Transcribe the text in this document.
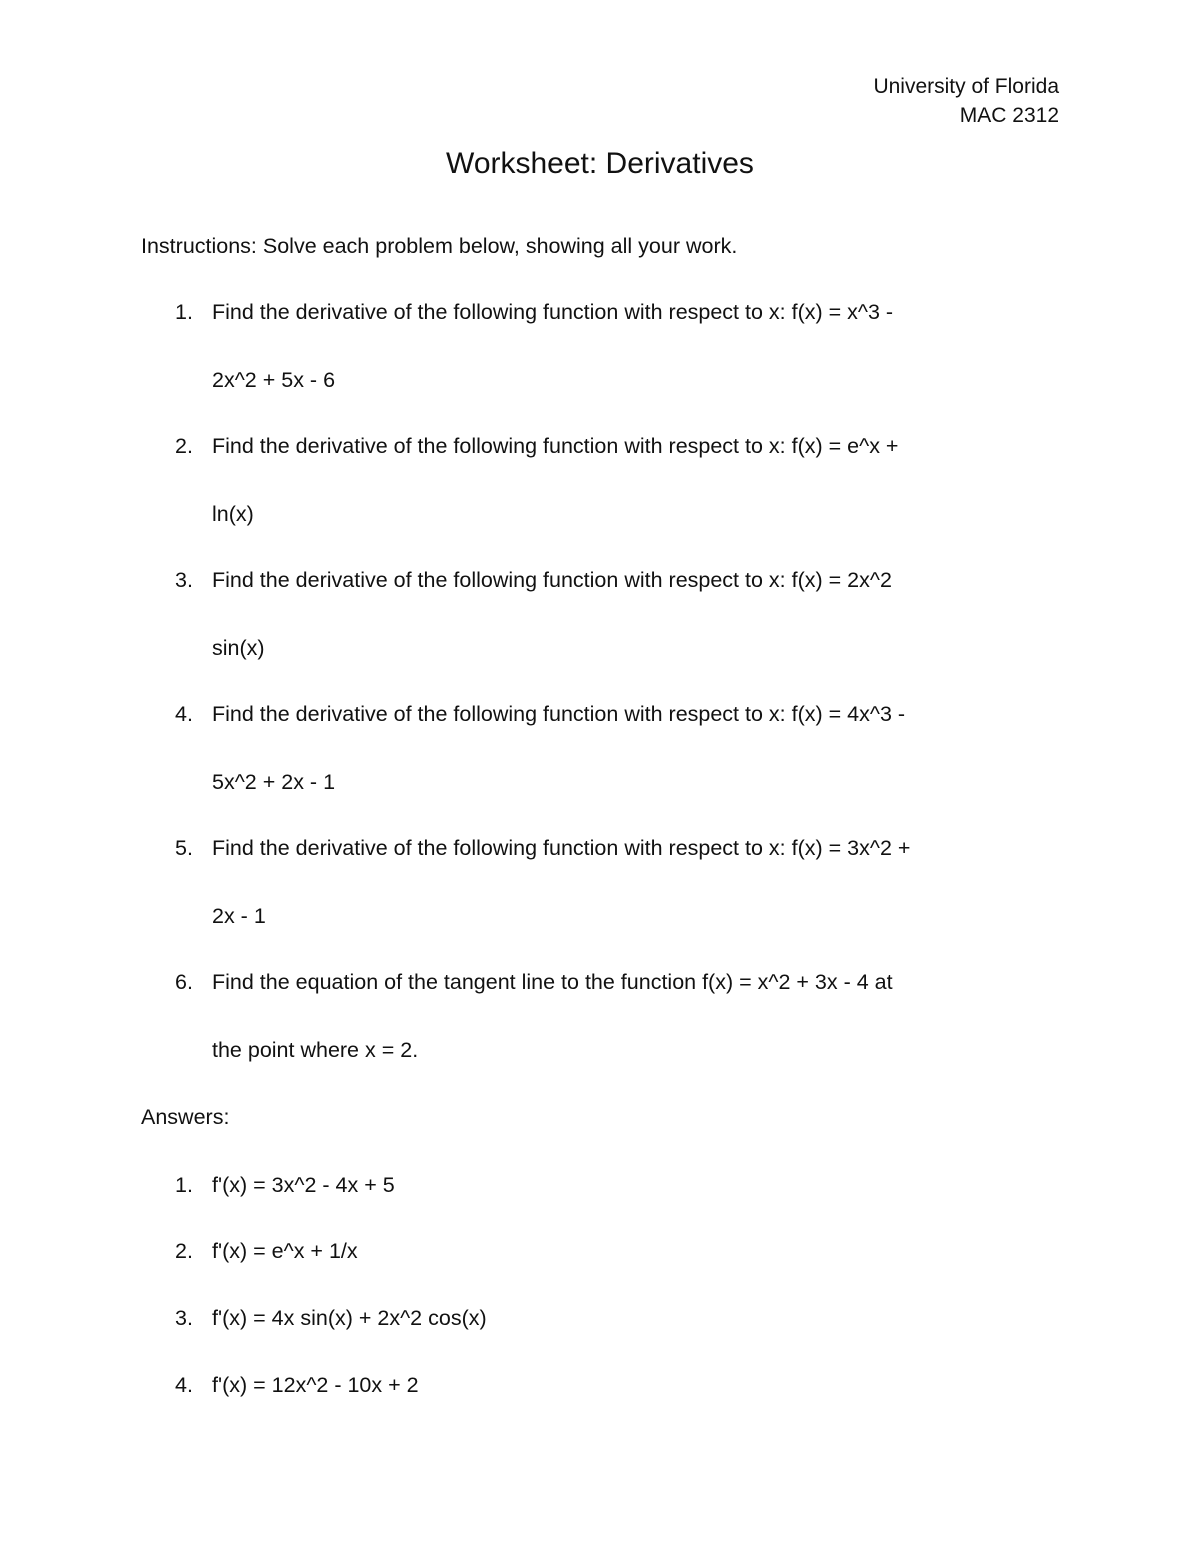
University of Florida
MAC 2312
Worksheet: Derivatives
Instructions: Solve each problem below, showing all your work.
1. Find the derivative of the following function with respect to x: f(x) = x^3 -
2x^2 + 5x - 6
2. Find the derivative of the following function with respect to x: f(x) = e^x +
ln(x)
3. Find the derivative of the following function with respect to x: f(x) = 2x^2
sin(x)
4. Find the derivative of the following function with respect to x: f(x) = 4x^3 -
5x^2 + 2x - 1
5. Find the derivative of the following function with respect to x: f(x) = 3x^2 +
2x - 1
6. Find the equation of the tangent line to the function f(x) = x^2 + 3x - 4 at
the point where x = 2.
Answers:
1. f'(x) = 3x^2 - 4x + 5
2. f'(x) = e^x + 1/x
3. f'(x) = 4x sin(x) + 2x^2 cos(x)
4. f'(x) = 12x^2 - 10x + 2
